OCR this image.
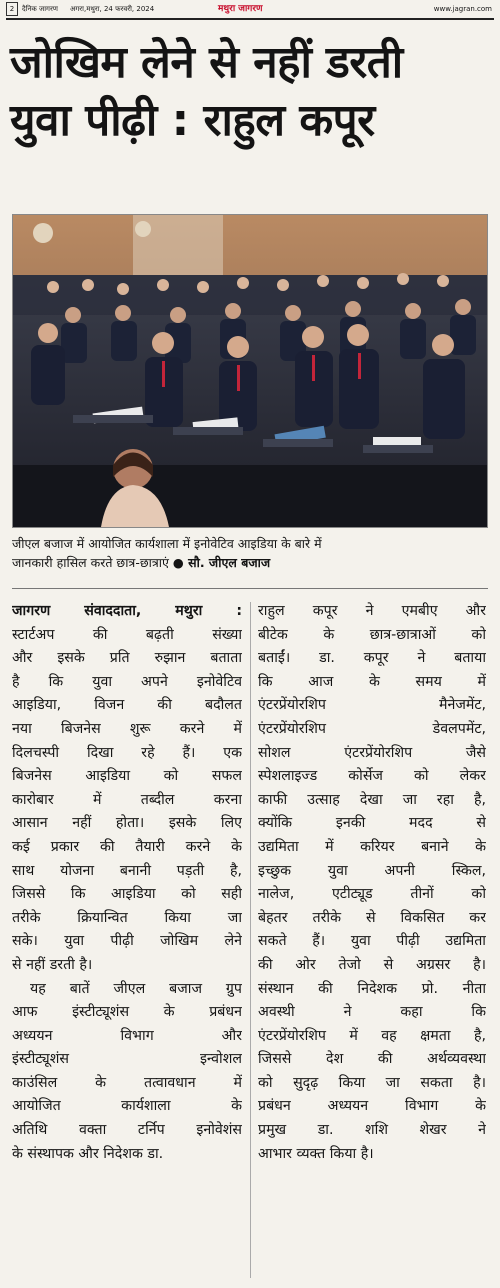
2	दैनिक जागरण अगरा,मथुरा, 24 फरवरी, 2024	मथुरा जागरण	www.jagran.com
जोखिम लेने से नहीं डरती
युवा पीढ़ी : राहुल कपूर
जीएल बजाज में आयोजित कार्यशाला में इनोवेटिव आइडिया के बारे में
जानकारी हासिल करते छात्र-छात्राएं ● सौ. जीएल बजाज
जागरण संवाददाता, मथुरा :
स्टार्टअप की बढ़ती संख्या
और इसके प्रति रुझान बताता
है कि युवा अपने इनोवेटिव
आइडिया, विजन की बदौलत
नया बिजनेस शुरू करने में
दिलचस्पी दिखा रहे हैं। एक
बिजनेस आइडिया को सफल
कारोबार में तब्दील करना
आसान नहीं होता। इसके लिए
कई प्रकार की तैयारी करने के
साथ योजना बनानी पड़ती है,
जिससे कि आइडिया को सही
तरीके क्रियान्वित किया जा
सके। युवा पीढ़ी जोखिम लेने
से नहीं डरती है।
यह बातें जीएल बजाज ग्रुप
आफ इंस्टीट्यूशंस के प्रबंधन
अध्ययन विभाग और
इंस्टीट्यूशंस इन्वोशल
काउंसिल के तत्वावधान में
आयोजित कार्यशाला के
अतिथि वक्ता टर्निप इनोवेशंस
के संस्थापक और निदेशक डा.
राहुल कपूर ने एमबीए और
बीटेक के छात्र-छात्राओं को
बताईं। डा. कपूर ने बताया
कि आज के समय में
एंटरप्रेंयोरशिप मैनेजमेंट,
एंटरप्रेंयोरशिप डेवलपमेंट,
सोशल एंटरप्रेंयोरशिप जैसे
स्पेशलाइज्ड कोर्सेज को लेकर
काफी उत्साह देखा जा रहा है,
क्योंकि इनकी मदद से
उद्यमिता में करियर बनाने के
इच्छुक युवा अपनी स्किल,
नालेज, एटीट्यूड तीनों को
बेहतर तरीके से विकसित कर
सकते हैं। युवा पीढ़ी उद्यमिता
की ओर तेजो से अग्रसर है।
संस्थान की निदेशक प्रो. नीता
अवस्थी ने कहा कि
एंटरप्रेंयोरशिप में वह क्षमता है,
जिससे देश की अर्थव्यवस्था
को सुदृढ़ किया जा सकता है।
प्रबंधन अध्ययन विभाग के
प्रमुख डा. शशि शेखर ने
आभार व्यक्त किया है।
